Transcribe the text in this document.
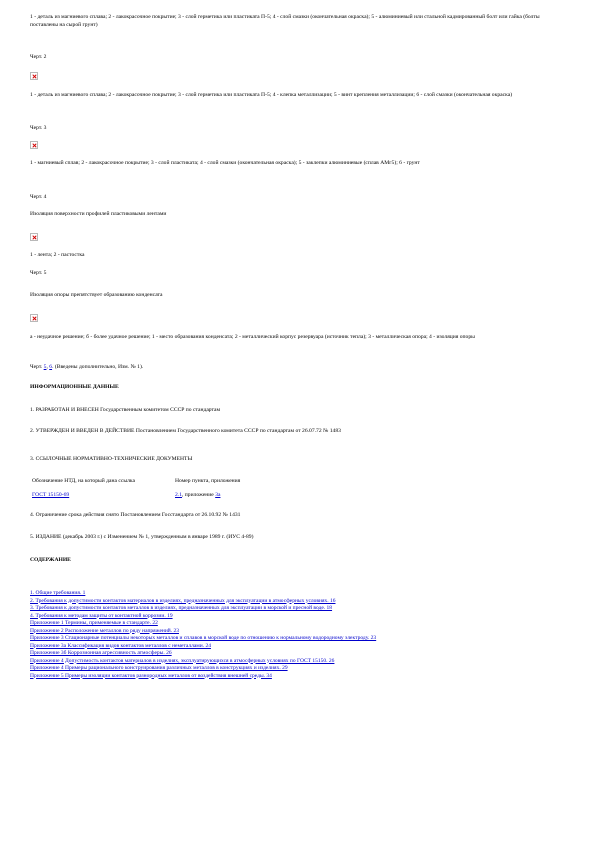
1 - деталь из магниевого сплава; 2 - лакокрасочное покрытие; 3 - слой герметика или пластиката П-5; 4 - слой смазки (окончательная окраска); 5 - алюминиевый или стальной кадмированный болт или гайка (болты поставлены на сырой грунт)

Черт. 2

1 - деталь из магниевого сплава; 2 - лакокрасочное покрытие; 3 - слой герметика или пластиката П-5; 4 - клепка металлизации; 5 - винт крепления металлизации; 6 - слой смазки (окончательная окраска)

Черт. 3

1 - магниевый сплав; 2 - лакокрасочное покрытие; 3 - слой пластиката; 4 - слой смазки (окончательная окраска); 5 - заклепки алюминиевые (сплав АМг5); 6 - грунт

Черт. 4

Изоляция поверхности профилей пластиковыми лентами

1 - лента; 2 - пастостка

Черт. 5

Изоляция опоры препятствует образованию конденсата

а - неудачное решение; б - более удачное решение; 1 - место образования конденсата; 2 - металлический корпус резервуара (источник тепла); 3 - металлическая опора; 4 - изоляция опоры

Черт. 5, 6. (Введены дополнительно, Изм. № 1).

ИНФОРМАЦИОННЫЕ ДАННЫЕ

1. РАЗРАБОТАН И ВНЕСЕН Государственным комитетом СССР по стандартам

2. УТВЕРЖДЕН И ВВЕДЕН В ДЕЙСТВИЕ Постановлением Государственного комитета СССР по стандартам от 26.07.72 № 1483

3. ССЫЛОЧНЫЕ НОРМАТИВНО-ТЕХНИЧЕСКИЕ ДОКУМЕНТЫ

Обозначение НТД, на который дана ссылка	Номер пункта, приложения
ГОСТ 15150-69	2.1, приложение 3а

4. Ограничение срока действия снято Постановлением Госстандарта от 26.10.92 № 1431

5. ИЗДАНИЕ (декабрь 2003 г.) с Изменением № 1, утвержденным в январе 1989 г. (ИУС 4-89)

СОДЕРЖАНИЕ

1. Общие требования. 1
2. Требования к допустимости контактов материалов в изделиях, предназначенных для эксплуатации в атмосферных условиях. 16
3. Требования к допустимости контактов металлов в изделиях, предназначенных для эксплуатации в морской и пресной воде. 18
4. Требования к методам защиты от контактной коррозии. 19
Приложение 1 Термины, применяемые в стандарте. 22
Приложение 2 Расположение металлов по ряду напряжений. 23
Приложение 3 Стационарные потенциалы некоторых металлов и сплавов в морской воде по отношению к нормальному водородному электроду. 23
Приложение 3а Классификация видов контактов металлов с неметаллами. 24
Приложение 3б Коррозионная агрессивность атмосферы. 26
Приложение 4 Допустимость контактов материалов в изделиях, эксплуатирующихся в атмосферных условиях по ГОСТ 15150. 26
Приложение 4 Примеры рационального конструирования различных металлов в конструкциях и изделиях. 29
Приложение 5 Примеры изоляции контактов разнородных металлов от воздействия внешней среды. 34
